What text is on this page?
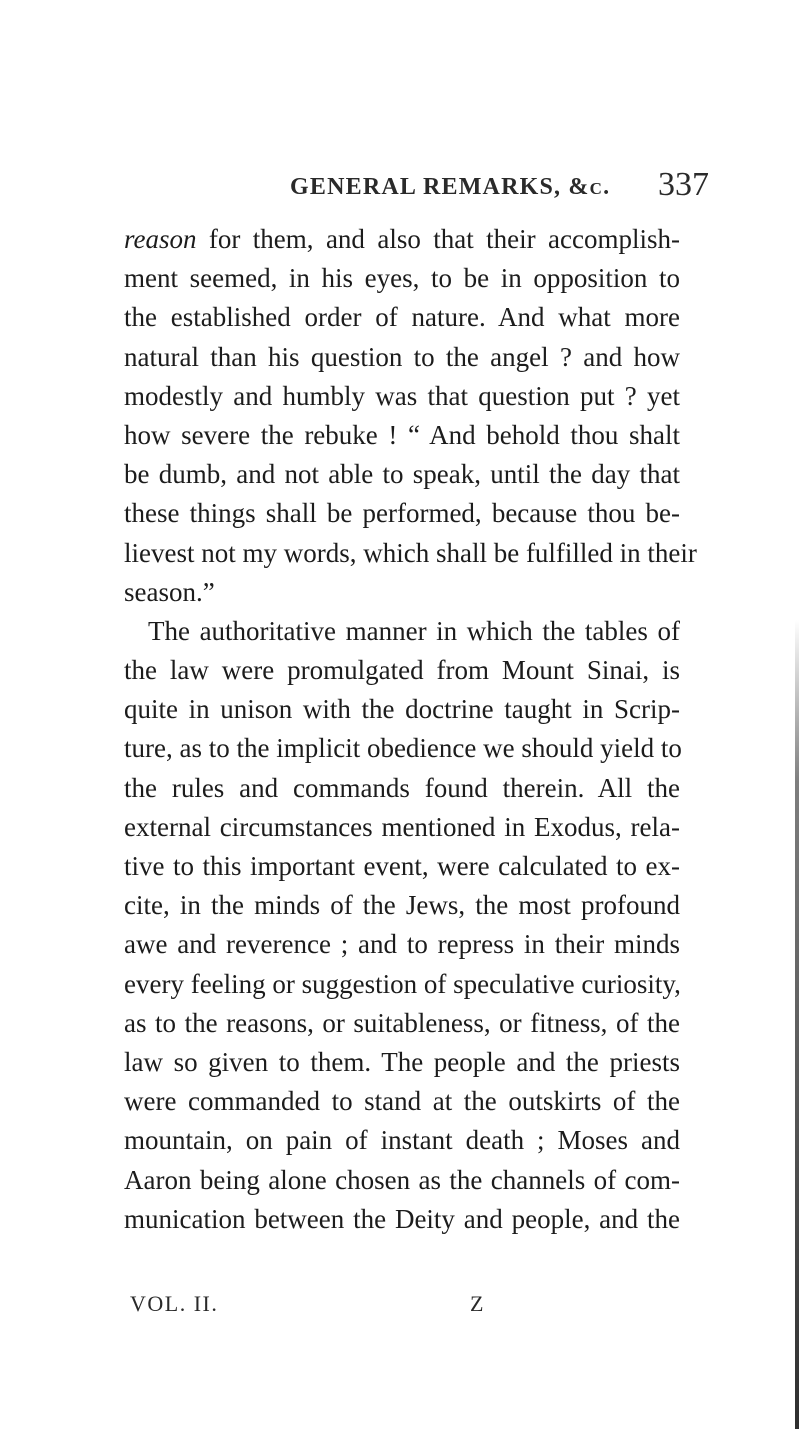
GENERAL REMARKS, &c. 337
reason for them, and also that their accomplish-
ment seemed, in his eyes, to be in opposition to
the established order of nature. And what more
natural than his question to the angel ? and how
modestly and humbly was that question put ? yet
how severe the rebuke ! “ And behold thou shalt
be dumb, and not able to speak, until the day that
these things shall be performed, because thou be-
lievest not my words, which shall be fulfilled in their
season.”
The authoritative manner in which the tables of
the law were promulgated from Mount Sinai, is
quite in unison with the doctrine taught in Scrip-
ture, as to the implicit obedience we should yield to
the rules and commands found therein. All the
external circumstances mentioned in Exodus, rela-
tive to this important event, were calculated to ex-
cite, in the minds of the Jews, the most profound
awe and reverence ; and to repress in their minds
every feeling or suggestion of speculative curiosity,
as to the reasons, or suitableness, or fitness, of the
law so given to them. The people and the priests
were commanded to stand at the outskirts of the
mountain, on pain of instant death ; Moses and
Aaron being alone chosen as the channels of com-
munication between the Deity and people, and the
VOL. II.	Z
